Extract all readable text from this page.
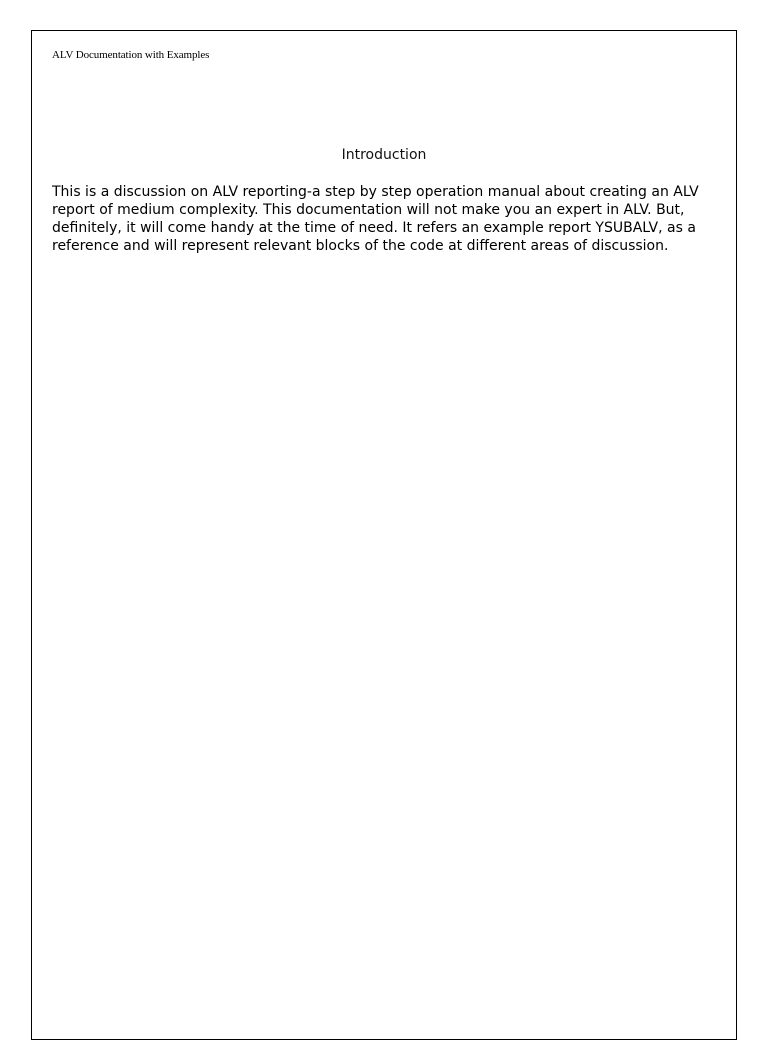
ALV Documentation with Examples
Introduction

This is a discussion on ALV reporting-a step by step operation manual about creating an ALV report of medium complexity. This documentation will not make you an expert in ALV. But, definitely, it will come handy at the time of need. It refers an example report YSUBALV, as a reference and will represent relevant blocks of the code at different areas of discussion.
